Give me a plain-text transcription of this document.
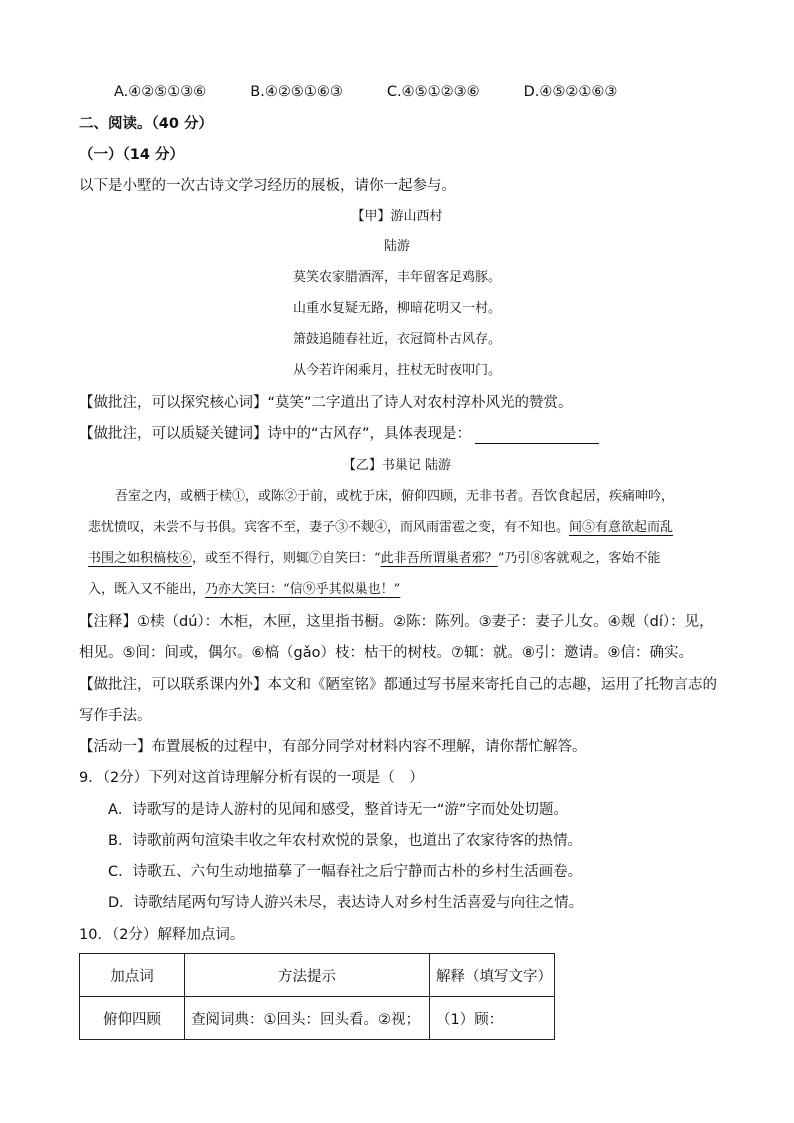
A.④②⑤①③⑥	B.④②⑤①⑥③	C.④⑤①②③⑥	D.④⑤②①⑥③
二、阅读。（40 分）
（一）（14 分）
以下是小墅的一次古诗文学习经历的展板，请你一起参与。
【甲】游山西村
陆游
莫笑农家腊酒浑，丰年留客足鸡豚。
山重水复疑无路，柳暗花明又一村。
箫鼓追随春社近，衣冠简朴古风存。
从今若许闲乘月，拄杖无时夜叩门。
【做批注，可以探究核心词】“莫笑”二字道出了诗人对农村淳朴风光的赞赏。
【做批注，可以质疑关键词】诗中的“古风存”，具体表现是：
【乙】书巢记 陆游
吾室之内，或栖于椟①，或陈②于前，或枕于床，俯仰四顾，无非书者。吾饮食起居，疾痛呻吟，
悲忧愤叹，未尝不与书俱。宾客不至，妻子③不觌④，而风雨雷雹之变，有不知也。间⑤有意欲起而乱
书围之如积槁枝⑥，或至不得行，则辄⑦自笑曰：“此非吾所谓巢者邪？”乃引⑧客就观之，客始不能
入，既入又不能出，乃亦大笑曰：“信⑨乎其似巢也！”
【注释】①椟（dú）：木柜，木匣，这里指书橱。②陈：陈列。③妻子：妻子儿女。④觌（dí）：见，
相见。⑤间：间或，偶尔。⑥槁（gǎo）枝：枯干的树枝。⑦辄：就。⑧引：邀请。⑨信：确实。
【做批注，可以联系课内外】本文和《陋室铭》都通过写书屋来寄托自己的志趣，运用了托物言志的
写作手法。
【活动一】布置展板的过程中，有部分同学对材料内容不理解，请你帮忙解答。
9．（2分）下列对这首诗理解分析有误的一项是（　）
A．诗歌写的是诗人游村的见闻和感受，整首诗无一“游”字而处处切题。
B．诗歌前两句渲染丰收之年农村欢悦的景象，也道出了农家待客的热情。
C．诗歌五、六句生动地描摹了一幅春社之后宁静而古朴的乡村生活画卷。
D．诗歌结尾两句写诗人游兴未尽，表达诗人对乡村生活喜爱与向往之情。
10．（2分）解释加点词。
加点词	方法提示	解释（填写文字）
俯仰四顾	查阅词典：①回头：回头看。②视；	（1）顾：
